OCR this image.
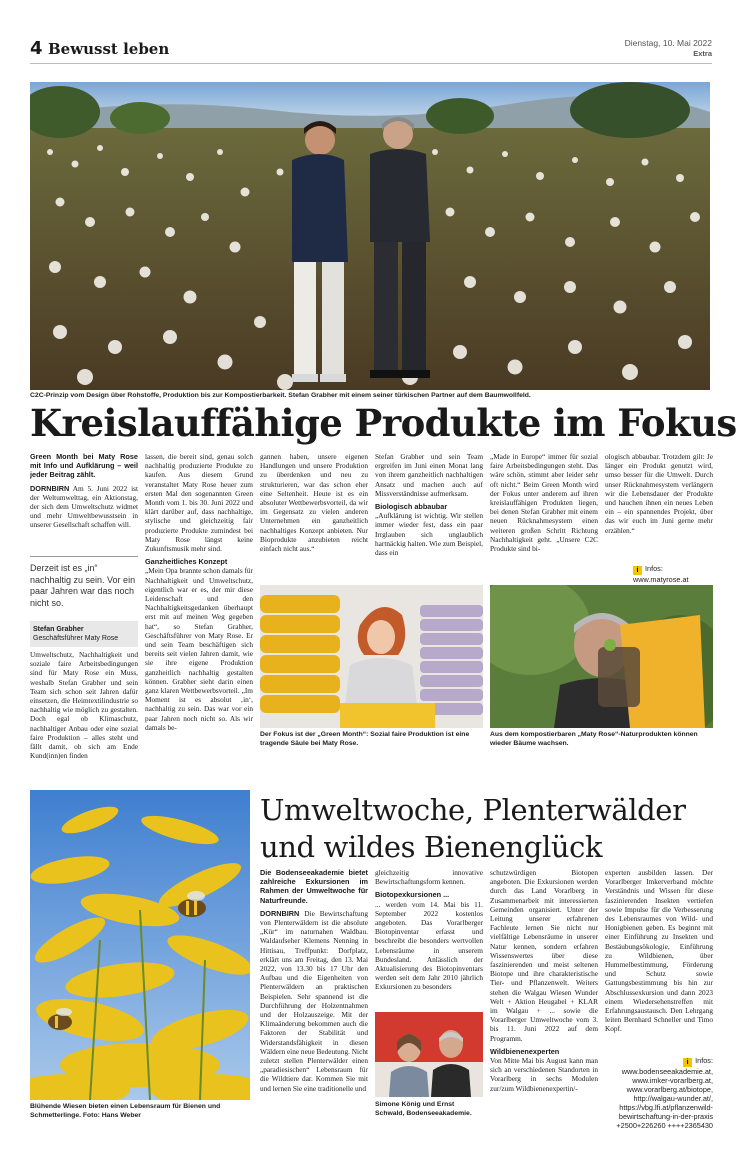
4 Bewusst leben	Dienstag, 10. Mai 2022
Extra
C2C-Prinzip vom Design über Rohstoffe, Produktion bis zur Kompostierbarkeit. Stefan Grabher mit einem seiner türkischen Partner auf dem Baumwollfeld.
Kreislauffähige Produkte im Fokus

Green Month bei Maty Rose mit Info und Aufklärung – weil jeder Beitrag zählt.

DORNBIRN Am 5. Juni 2022 ist der Weltumwelttag, ein Aktionstag, der sich dem Umweltschutz widmet und mehr Umweltbewusstsein in unserer Gesellschaft schaffen will.

Derzeit ist es „in“ nachhaltig zu sein. Vor ein paar Jahren war das noch nicht so.
Stefan Grabher
Geschäftsführer Maty Rose

Umweltschutz, Nachhaltigkeit und soziale faire Arbeitsbedingungen sind für Maty Rose ein Muss, weshalb Stefan Grabher und sein Team sich schon seit Jahren dafür einsetzen, die Heimtextilindustrie so nachhaltig wie möglich zu gestalten. Doch egal ob Klimaschutz, nachhaltiger Anbau oder eine sozial faire Produktion – alles steht und fällt damit, ob sich am Ende Kund(inn)en finden

lassen, die bereit sind, genau solch nachhaltig produzierte Produkte zu kaufen. Aus diesem Grund veranstaltet Maty Rose heuer zum ersten Mal den sogenannten Green Month vom 1. bis 30. Juni 2022 und klärt darüber auf, dass nachhaltige, stylische und gleichzeitig fair produzierte Produkte zumindest bei Maty Rose längst keine Zukunftsmusik mehr sind.

Ganzheitliches Konzept

„Mein Opa brannte schon damals für Nachhaltigkeit und Umweltschutz, eigentlich war er es, der mir diese Leidenschaft und den Nachhaltigkeitsgedanken überhaupt erst mit auf meinen Weg gegeben hat“, so Stefan Grabher, Geschäftsführer von Maty Rose. Er und sein Team beschäftigen sich bereits seit vielen Jahren damit, wie sie ihre eigene Produktion ganzheitlich nachhaltig gestalten können. Grabher sieht darin einen ganz klaren Wettbewerbsvorteil. „Im Moment ist es absolut ‚in‘, nachhaltig zu sein. Das war vor ein paar Jahren noch nicht so. Als wir damals be-

gannen haben, unsere eigenen Handlungen und unsere Produktion zu überdenken und neu zu strukturieren, war das schon eher eine Seltenheit. Heute ist es ein absoluter Wettbewerbsvorteil, da wir im Gegensatz zu vielen anderen Unternehmen ein ganzheitlich nachhaltiges Konzept anbieten. Nur Bioprodukte anzubieten reicht einfach nicht aus.“

Stefan Grabher und sein Team ergreifen im Juni einen Monat lang von ihrem ganzheitlich nachhaltigen Ansatz und machen auch auf Missverständnisse aufmerksam.

Biologisch abbaubar

„Aufklärung ist wichtig. Wir stellen immer wieder fest, dass ein paar Irrglauben sich unglaublich hartnäckig halten. Wie zum Beispiel, dass ein

„Made in Europe“ immer für sozial faire Arbeitsbedingungen steht. Das wäre schön, stimmt aber leider sehr oft nicht.“ Beim Green Month wird der Fokus unter anderem auf ihren kreislauffähigen Produkten liegen, bei denen Stefan Grabher mit einem neuen Rücknahmesystem einen weiteren großen Schritt Richtung Nachhaltigkeit geht. „Unsere C2C Produkte sind bi-

ologisch abbaubar. Trotzdem gilt: Je länger ein Produkt genutzt wird, umso besser für die Umwelt. Durch unser Rücknahmesystem verlängern wir die Lebensdauer der Produkte und hauchen ihnen ein neues Leben ein – ein spannendes Projekt, über das wir euch im Juni gerne mehr erzählen.“

i Infos: www.matyrose.at
Der Fokus ist der „Green Month“: Sozial faire Produktion ist eine tragende Säule bei Maty Rose.
Aus dem kompostierbaren „Maty Rose“-Naturprodukten können wieder Bäume wachsen.
Blühende Wiesen bieten einen Lebensraum für Bienen und Schmetterlinge. Foto: Hans Weber
Umweltwoche, Plenterwälder und wildes Bienenglück

Die Bodenseeakademie bietet zahlreiche Exkursionen im Rahmen der Umweltwoche für Naturfreunde.

DORNBIRN Die Bewirtschaftung von Plenterwäldern ist die absolute „Kür“ im naturnahen Waldbau. Waldaufseher Klemens Nenning in Hittisau, Treffpunkt: Dorfplatz, erklärt uns am Freitag, den 13. Mai 2022, von 13.30 bis 17 Uhr den Aufbau und die Eigenheiten von Plenterwäldern an praktischen Beispielen. Sehr spannend ist die Durchführung der Holzentnahmen und der Holzauszeige. Mit der Klimaänderung bekommen auch die Faktoren der Stabilität und Widerstandsfähigkeit in diesen Wäldern eine neue Bedeutung. Nicht zuletzt stellen Plenterwälder einen „paradiesischen“ Lebensraum für die Wildtiere dar. Kommen Sie mit und lernen Sie eine traditionelle und

gleichzeitig innovative Bewirtschaftungsform kennen.

Biotopexkursionen ...

... werden vom 14. Mai bis 11. September 2022 kostenlos angeboten. Das Vorarlberger Biotopinventar erfasst und beschreibt die besonders wertvollen Lebensräume in unserem Bundesland. Anlässlich der Aktualisierung des Biotopinventars werden seit dem Jahr 2010 jährlich Exkursionen zu besonders

Simone König und Ernst Schwald, Bodenseeakademie.

schutzwürdigen Biotopen angeboten. Die Exkursionen werden durch das Land Vorarlberg in Zusammenarbeit mit interessierten Gemeinden organisiert. Unter der Leitung unserer erfahrenen Fachleute lernen Sie nicht nur vielfältige Lebensräume in unserer Natur kennen, sondern erfahren Wissenswertes über diese faszinierenden und meist seltenen Biotope und ihre charakteristische Tier- und Pflanzenwelt. Weiters stehen die Walgau Wiesen Wunder Welt + Aktion Heugabel + KLAR im Walgau + ... sowie die Vorarlberger Umweltwoche vom 3. bis 11. Juni 2022 auf dem Programm.

Wildbienenexperten

Von Mitte Mai bis August kann man sich an verschiedenen Standorten in Vorarlberg in sechs Modulen zur/zum Wildbienenexpertin/-

experten ausbilden lassen. Der Vorarlberger Imkerverband möchte Verständnis und Wissen für diese faszinierenden Insekten vertiefen sowie Impulse für die Verbesserung des Lebensraumes von Wild- und Honigbienen geben. Es beginnt mit einer Einführung zu Insekten und Bestäubungsökologie, Einführung zu Wildbienen, über Hummelbestimmung, Förderung und Schutz sowie Gattungsbestimmung bis hin zur Abschlussexkursion und dann 2023 einem Wiedersehenstreffen mit Erfahrungsaustausch. Den Lehrgang leiten Bernhard Schneller und Timo Kopf.

i Infos: www.bodenseeakademie.at,
www.imker-vorarlberg.at,
www.vorarlberg.at/biotope,
http://walgau-wunder.at/,
https://vbg.lfi.at/pflanzenwild-
bewirtschaftung-in-der-praxis
+2500+226260 ++++2365430
